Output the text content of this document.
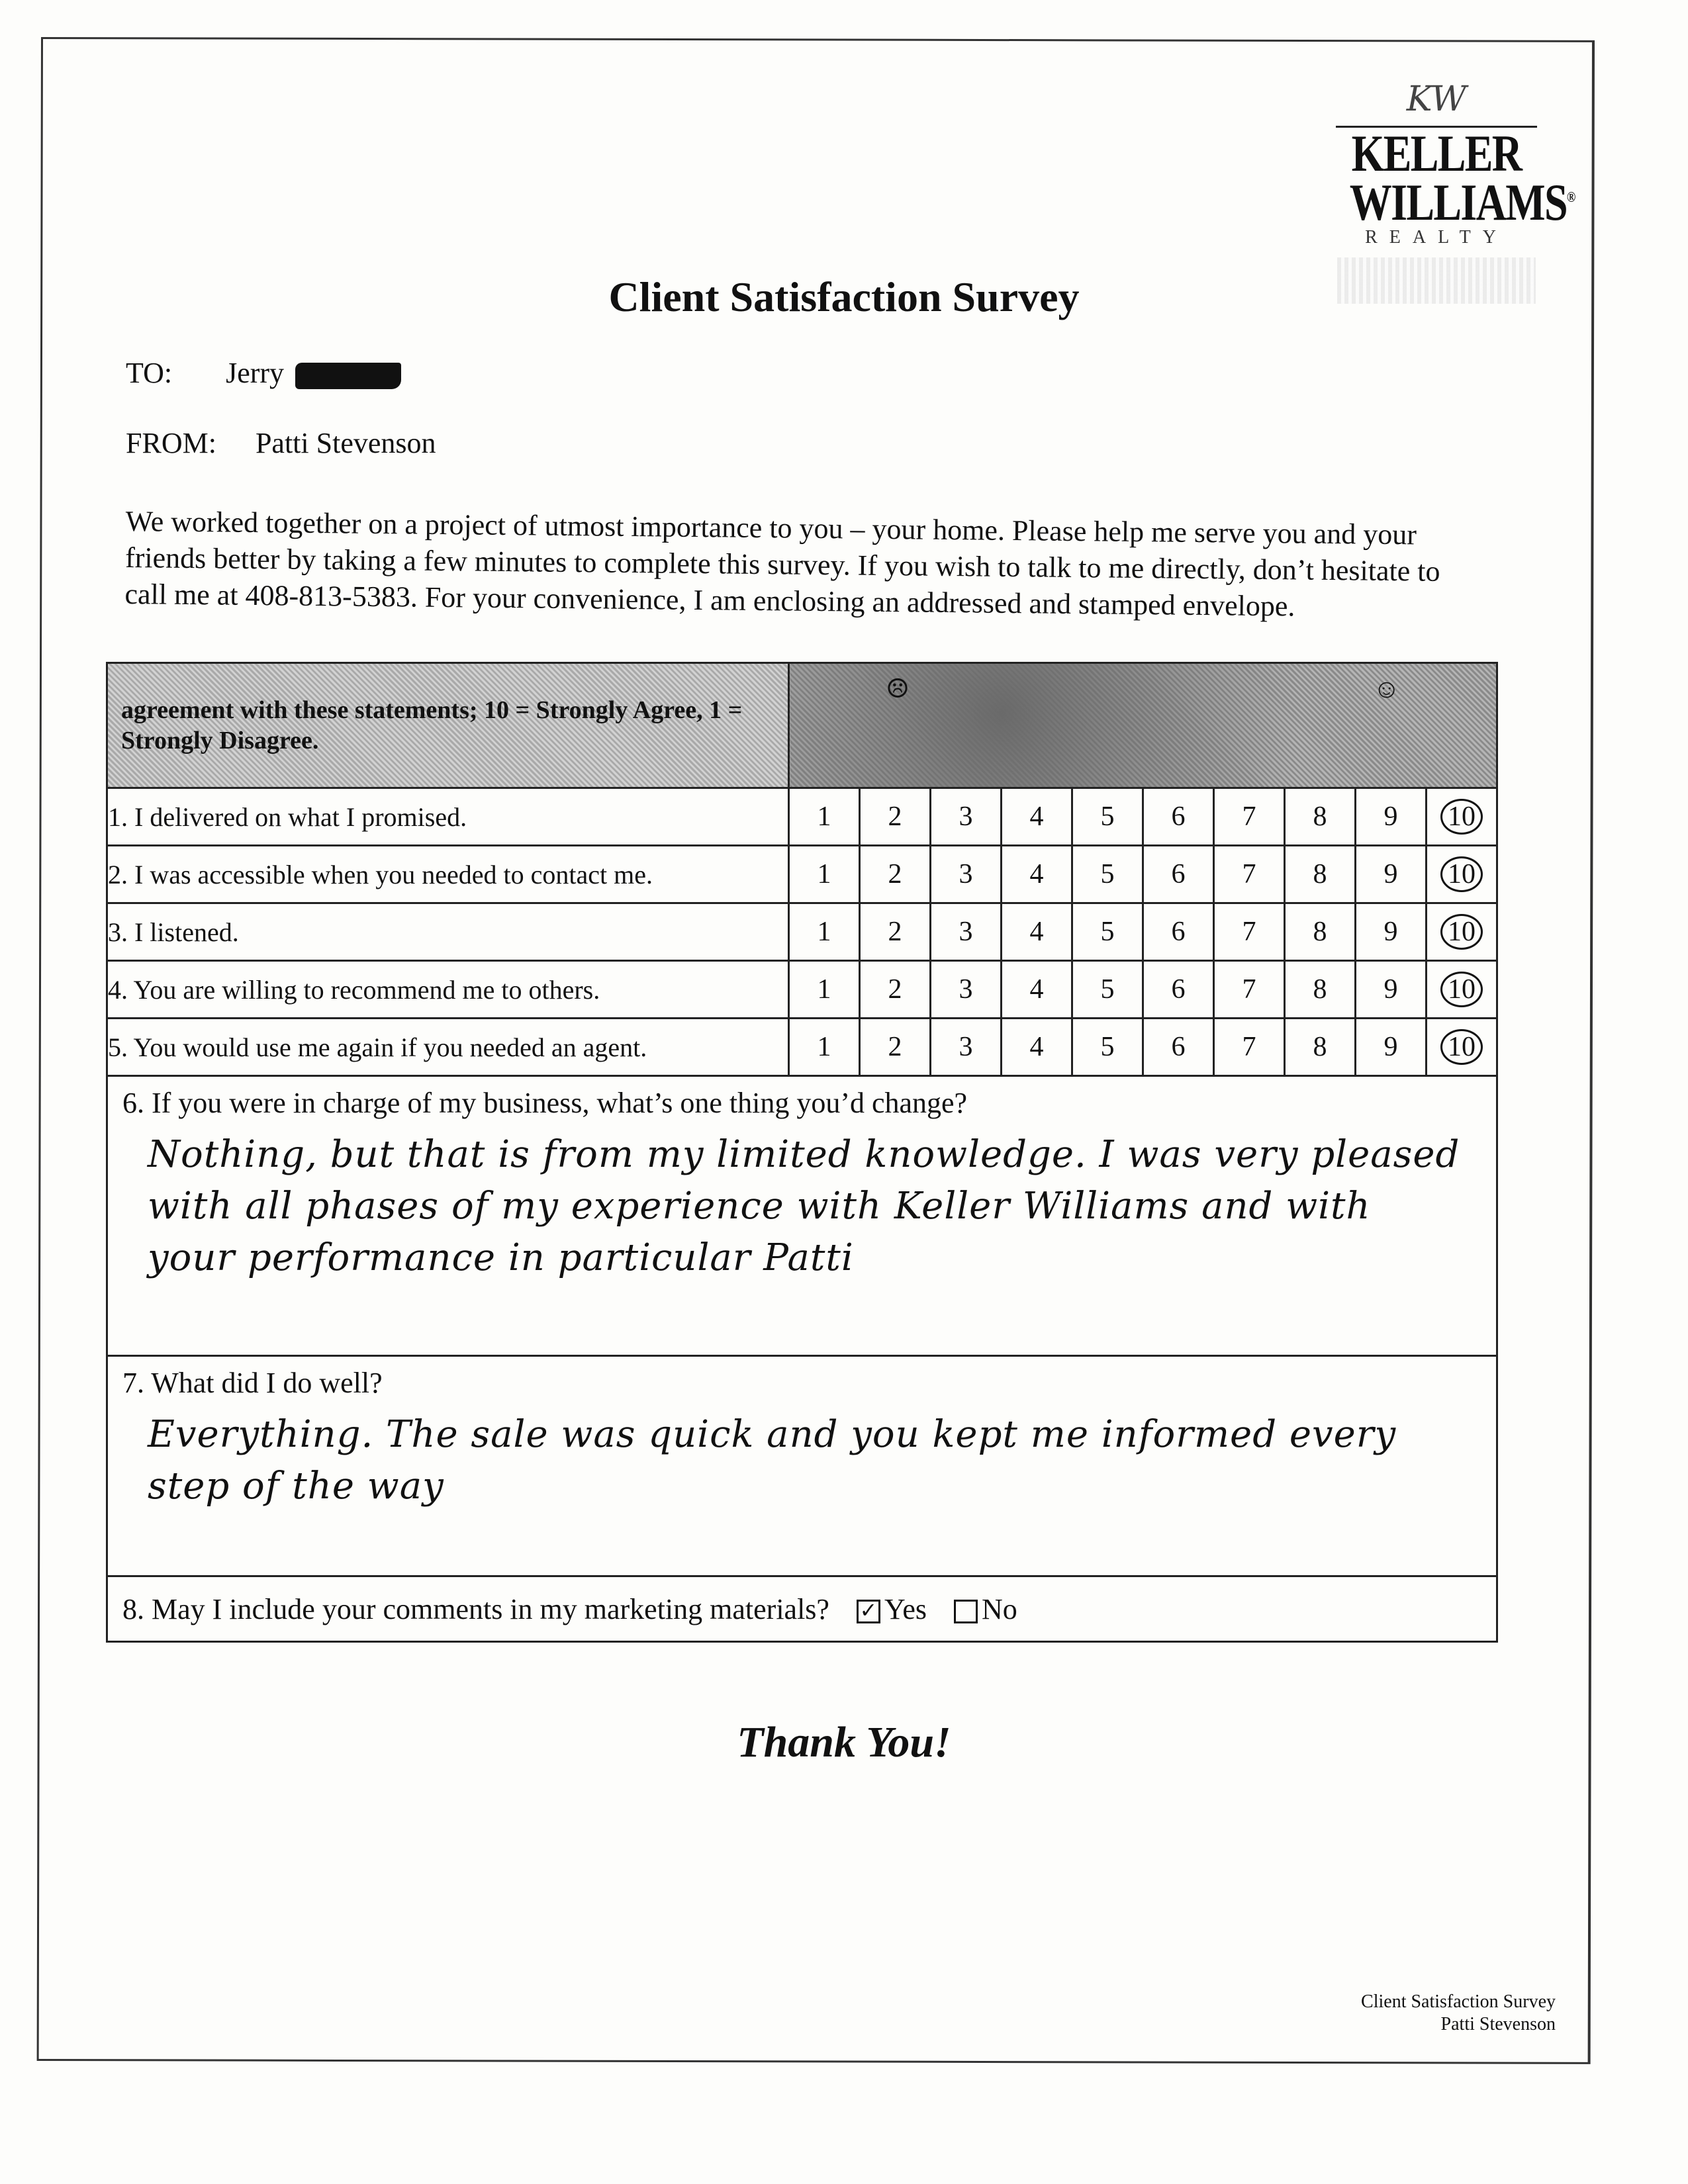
KW
KELLER
WILLIAMS®
REALTY
Client Satisfaction Survey
TO: Jerry
FROM: Patti Stevenson
We worked together on a project of utmost importance to you – your home. Please help me serve you and your friends better by taking a few minutes to complete this survey. If you wish to talk to me directly, don’t hesitate to call me at 408-813-5383. For your convenience, I am enclosing an addressed and stamped envelope.
agreement with these statements; 10 = Strongly Agree, 1 = Strongly Disagree.	☹ ☺									

1. I delivered on what I promised.	1	2	3	4	5	6	7	8	9	10
2. I was accessible when you needed to contact me.	1	2	3	4	5	6	7	8	9	10
3. I listened.	1	2	3	4	5	6	7	8	9	10
4. You are willing to recommend me to others.	1	2	3	4	5	6	7	8	9	10
5. You would use me again if you needed an agent.	1	2	3	4	5	6	7	8	9	10

6. If you were in charge of my business, what’s one thing you’d change?
Nothing, but that is from my limited knowledge. I was very pleased with all phases of my experience with Keller Williams and with your performance in particular Patti										

7. What did I do well?
Everything. The sale was quick and you kept me informed every step of the way										

8. May I include your comments in my marketing materials? ✓ Yes No										
Thank You!
Client Satisfaction Survey
Patti Stevenson
